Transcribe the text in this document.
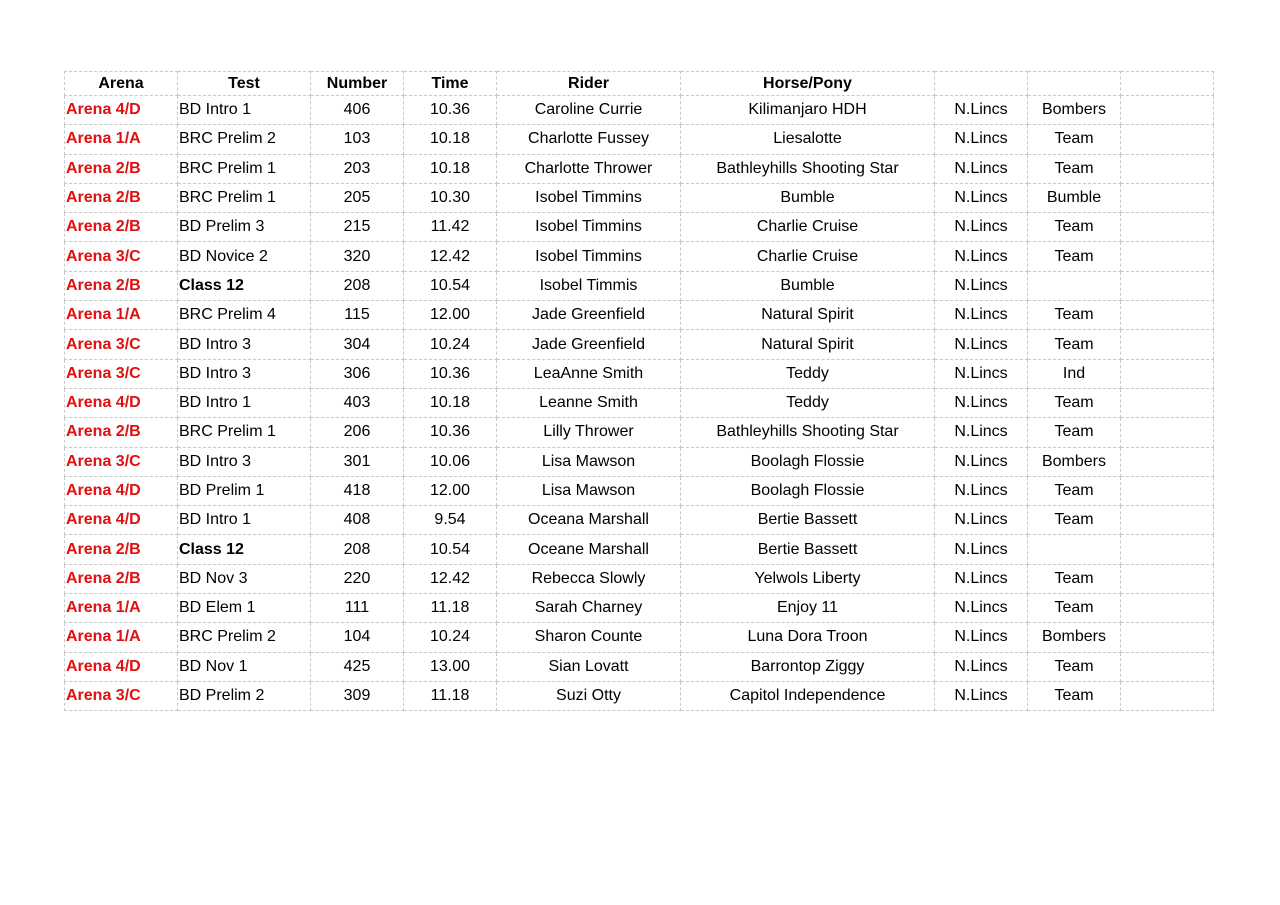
Arena	Test	Number	Time	Rider	Horse/Pony			
Arena 4/D	BD Intro 1	406	10.36	Caroline Currie	Kilimanjaro HDH	N.Lincs	Bombers	
Arena 1/A	BRC Prelim 2	103	10.18	Charlotte Fussey	Liesalotte	N.Lincs	Team	
Arena 2/B	BRC Prelim 1	203	10.18	Charlotte Thrower	Bathleyhills Shooting Star	N.Lincs	Team	
Arena 2/B	BRC Prelim 1	205	10.30	Isobel Timmins	Bumble	N.Lincs	Bumble	
Arena 2/B	BD Prelim 3	215	11.42	Isobel Timmins	Charlie Cruise	N.Lincs	Team	
Arena 3/C	BD Novice 2	320	12.42	Isobel Timmins	Charlie Cruise	N.Lincs	Team	
Arena 2/B	Class 12	208	10.54	Isobel Timmis	Bumble	N.Lincs		
Arena 1/A	BRC Prelim 4	115	12.00	Jade Greenfield	Natural Spirit	N.Lincs	Team	
Arena 3/C	BD Intro 3	304	10.24	Jade Greenfield	Natural Spirit	N.Lincs	Team	
Arena 3/C	BD Intro 3	306	10.36	LeaAnne Smith	Teddy	N.Lincs	Ind	
Arena 4/D	BD Intro 1	403	10.18	Leanne Smith	Teddy	N.Lincs	Team	
Arena 2/B	BRC Prelim 1	206	10.36	Lilly Thrower	Bathleyhills Shooting Star	N.Lincs	Team	
Arena 3/C	BD Intro 3	301	10.06	Lisa Mawson	Boolagh Flossie	N.Lincs	Bombers	
Arena 4/D	BD Prelim 1	418	12.00	Lisa Mawson	Boolagh Flossie	N.Lincs	Team	
Arena 4/D	BD Intro 1	408	9.54	Oceana Marshall	Bertie Bassett	N.Lincs	Team	
Arena 2/B	Class 12	208	10.54	Oceane Marshall	Bertie Bassett	N.Lincs		
Arena 2/B	BD Nov 3	220	12.42	Rebecca Slowly	Yelwols Liberty	N.Lincs	Team	
Arena 1/A	BD Elem 1	111	11.18	Sarah Charney	Enjoy 11	N.Lincs	Team	
Arena 1/A	BRC Prelim 2	104	10.24	Sharon Counte	Luna Dora Troon	N.Lincs	Bombers	
Arena 4/D	BD Nov 1	425	13.00	Sian Lovatt	Barrontop Ziggy	N.Lincs	Team	
Arena 3/C	BD Prelim 2	309	11.18	Suzi Otty	Capitol Independence	N.Lincs	Team	
